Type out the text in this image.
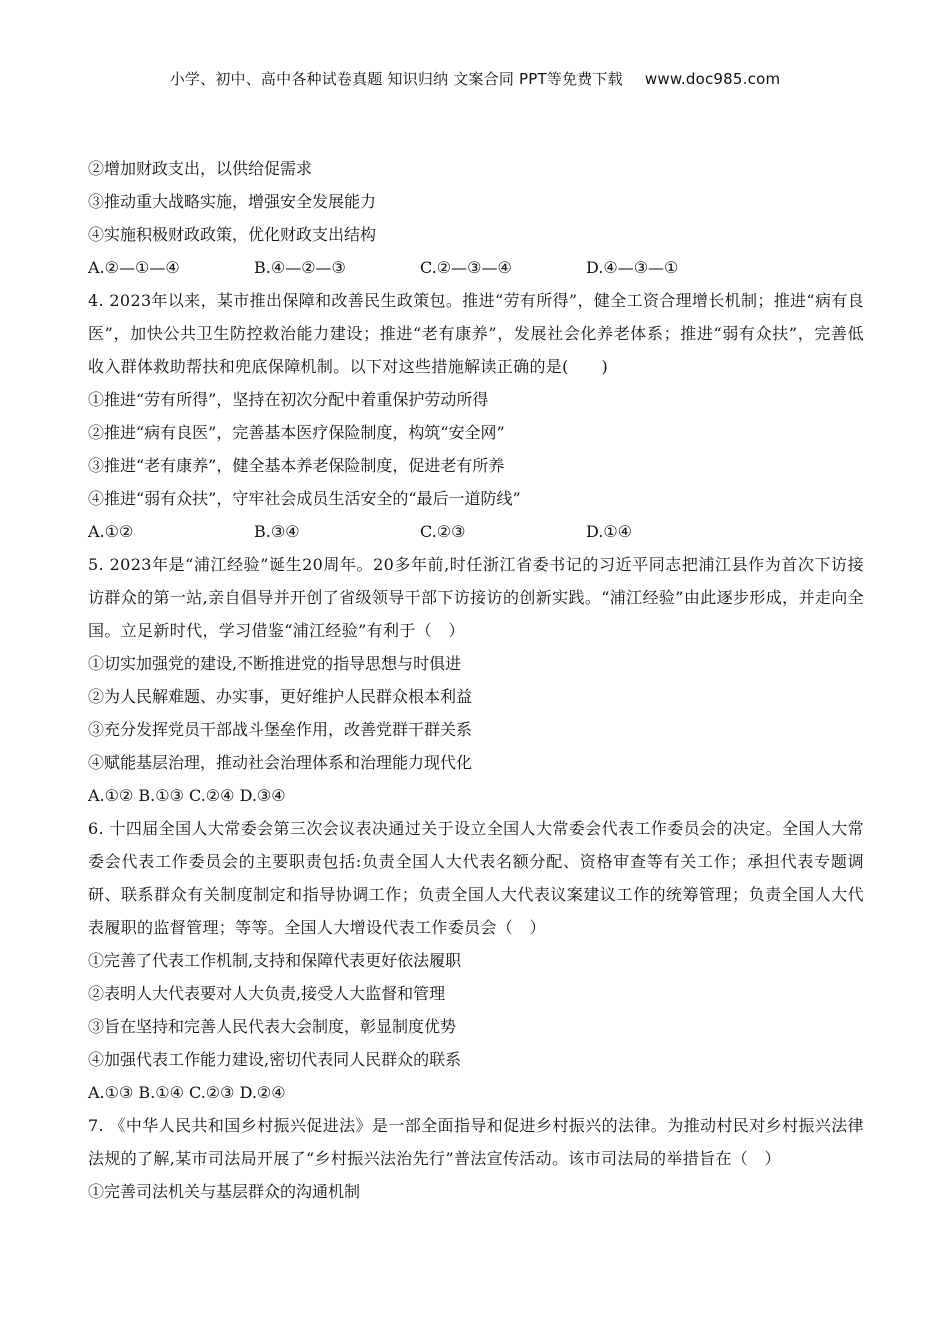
小学、初中、高中各种试卷真题 知识归纳 文案合同 PPT等免费下载 www.doc985.com
②增加财政支出，以供给促需求
③推动重大战略实施，增强安全发展能力
④实施积极财政政策，优化财政支出结构
A.②—①—④	B.④—②—③	C.②—③—④	D.④—③—①
4. 2023年以来，某市推出保障和改善民生政策包。推进“劳有所得”，健全工资合理增长机制；推进“病有良医”，加快公共卫生防控救治能力建设；推进“老有康养”，发展社会化养老体系；推进“弱有众扶”，完善低收入群体救助帮扶和兜底保障机制。以下对这些措施解读正确的是(　　)
①推进“劳有所得”，坚持在初次分配中着重保护劳动所得
②推进“病有良医”，完善基本医疗保险制度，构筑“安全网”
③推进“老有康养”，健全基本养老保险制度，促进老有所养
④推进“弱有众扶”，守牢社会成员生活安全的“最后一道防线”
A.①②	B.③④	C.②③	D.①④
5. 2023年是“浦江经验”诞生20周年。20多年前,时任浙江省委书记的习近平同志把浦江县作为首次下访接访群众的第一站,亲自倡导并开创了省级领导干部下访接访的创新实践。“浦江经验”由此逐步形成，并走向全国。立足新时代，学习借鉴“浦江经验”有利于（　）
①切实加强党的建设,不断推进党的指导思想与时俱进
②为人民解难题、办实事，更好维护人民群众根本利益
③充分发挥党员干部战斗堡垒作用，改善党群干群关系
④赋能基层治理，推动社会治理体系和治理能力现代化
A.①② B.①③ C.②④ D.③④
6. 十四届全国人大常委会第三次会议表决通过关于设立全国人大常委会代表工作委员会的决定。全国人大常委会代表工作委员会的主要职责包括:负责全国人大代表名额分配、资格审查等有关工作；承担代表专题调研、联系群众有关制度制定和指导协调工作；负责全国人大代表议案建议工作的统筹管理；负责全国人大代表履职的监督管理；等等。全国人大增设代表工作委员会（　）
①完善了代表工作机制,支持和保障代表更好依法履职
②表明人大代表要对人大负责,接受人大监督和管理
③旨在坚持和完善人民代表大会制度，彰显制度优势
④加强代表工作能力建设,密切代表同人民群众的联系
A.①③ B.①④ C.②③ D.②④
7. 《中华人民共和国乡村振兴促进法》是一部全面指导和促进乡村振兴的法律。为推动村民对乡村振兴法律法规的了解,某市司法局开展了“乡村振兴法治先行”普法宣传活动。该市司法局的举措旨在（　）
①完善司法机关与基层群众的沟通机制
